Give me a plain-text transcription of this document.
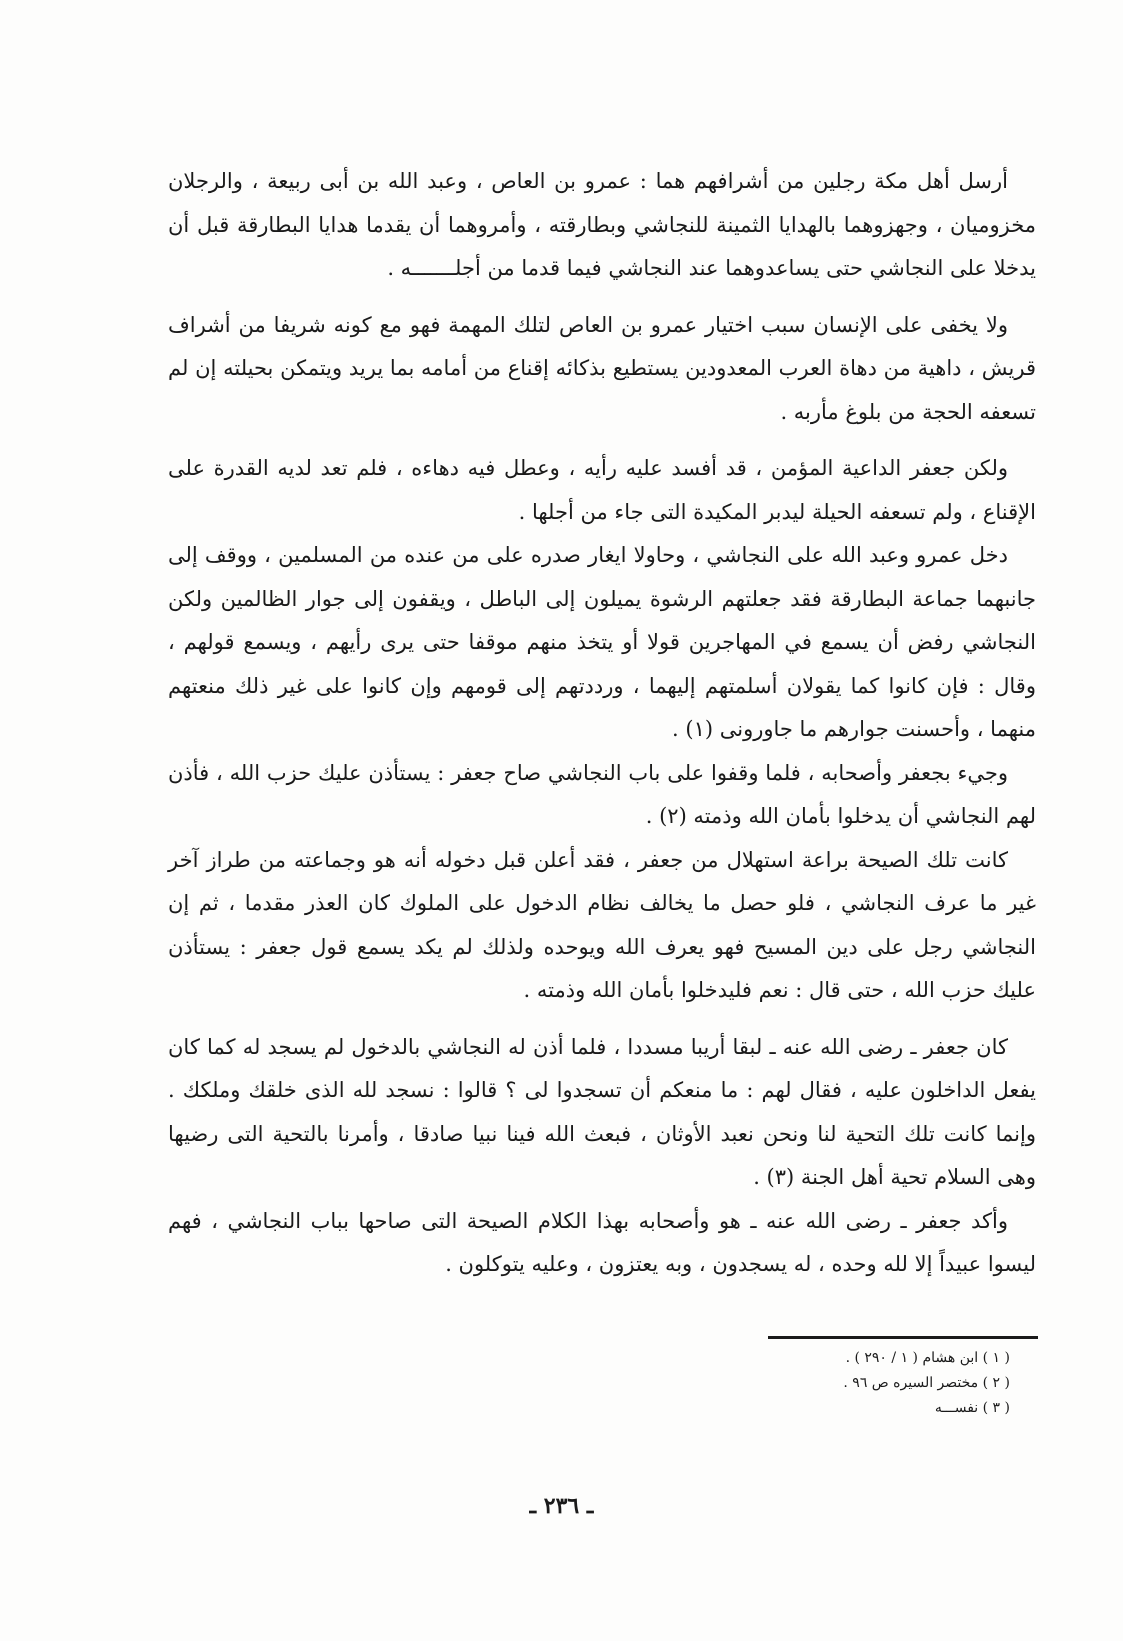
أرسل أهل مكة رجلين من أشرافهم هما : عمرو بن العاص ، وعبد الله بن أبى ربيعة ، والرجلان مخزوميان ، وجهزوهما بالهدايا الثمينة للنجاشي وبطارقته ، وأمروهما أن يقدما هدايا البطارقة قبل أن يدخلا على النجاشي حتى يساعدوهما عند النجاشي فيما قدما من أجلـــــــه .

ولا يخفى على الإنسان سبب اختيار عمرو بن العاص لتلك المهمة فهو مع كونه شريفا من أشراف قريش ، داهية من دهاة العرب المعدودين يستطيع بذكائه إقناع من أمامه بما يريد ويتمكن بحيلته إن لم تسعفه الحجة من بلوغ مأربه .

ولكن جعفر الداعية المؤمن ، قد أفسد عليه رأيه ، وعطل فيه دهاءه ، فلم تعد لديه القدرة على الإقناع ، ولم تسعفه الحيلة ليدبر المكيدة التى جاء من أجلها .

دخل عمرو وعبد الله على النجاشي ، وحاولا ايغار صدره على من عنده من المسلمين ، ووقف إلى جانبهما جماعة البطارقة فقد جعلتهم الرشوة يميلون إلى الباطل ، ويقفون إلى جوار الظالمين ولكن النجاشي رفض أن يسمع في المهاجرين قولا أو يتخذ منهم موقفا حتى يرى رأيهم ، ويسمع قولهم ، وقال : فإن كانوا كما يقولان أسلمتهم إليهما ، ورددتهم إلى قومهم وإن كانوا على غير ذلك منعتهم منهما ، وأحسنت جوارهم ما جاورونى (١) .

وجيء بجعفر وأصحابه ، فلما وقفوا على باب النجاشي صاح جعفر : يستأذن عليك حزب الله ، فأذن لهم النجاشي أن يدخلوا بأمان الله وذمته (٢) .

كانت تلك الصيحة براعة استهلال من جعفر ، فقد أعلن قبل دخوله أنه هو وجماعته من طراز آخر غير ما عرف النجاشي ، فلو حصل ما يخالف نظام الدخول على الملوك كان العذر مقدما ، ثم إن النجاشي رجل على دين المسيح فهو يعرف الله ويوحده ولذلك لم يكد يسمع قول جعفر : يستأذن عليك حزب الله ، حتى قال : نعم فليدخلوا بأمان الله وذمته .

كان جعفر ـ رضى الله عنه ـ لبقا أريبا مسددا ، فلما أذن له النجاشي بالدخول لم يسجد له كما كان يفعل الداخلون عليه ، فقال لهم : ما منعكم أن تسجدوا لى ؟ قالوا : نسجد لله الذى خلقك وملكك . وإنما كانت تلك التحية لنا ونحن نعبد الأوثان ، فبعث الله فينا نبيا صادقا ، وأمرنا بالتحية التى رضيها وهى السلام تحية أهل الجنة (٣) .

وأكد جعفر ـ رضى الله عنه ـ هو وأصحابه بهذا الكلام الصيحة التى صاحها بباب النجاشي ، فهم ليسوا عبيداً إلا لله وحده ، له يسجدون ، وبه يعتزون ، وعليه يتوكلون .

( ١ ) ابن هشام ( ١ / ٢٩٠ ) .

( ٢ ) مختصر السيره ص ٩٦ .

( ٣ ) نفســـه

ـ ٢٣٦ ـ
